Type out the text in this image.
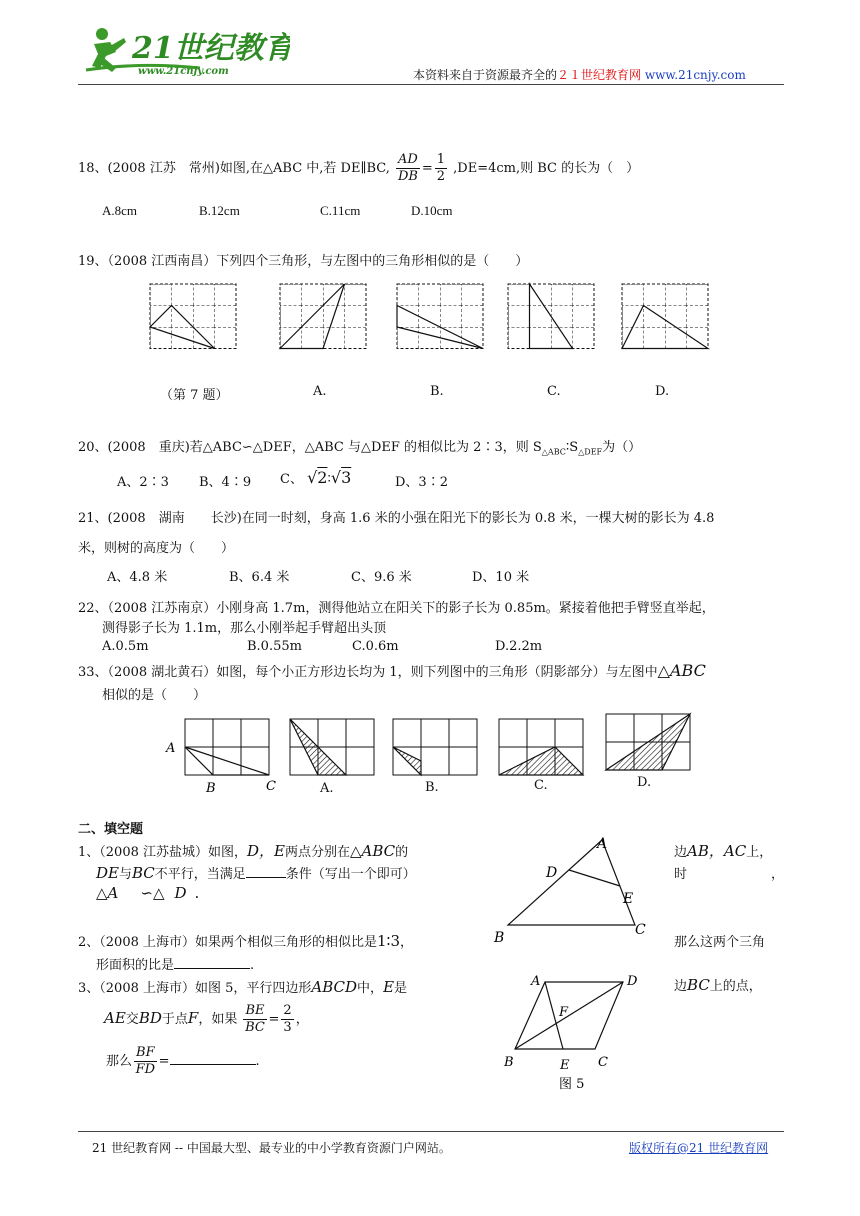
21世纪教育
www.21cnjy.com	本资料来自于资源最齐全的２１世纪教育网 www.21cnjy.com
18、(2008 江苏　常州)如图,在△ABC 中,若 DE∥BC, $\frac{AD}{DB} = \frac{1}{2} ,DE=4cm$,则 BC 的长为（　）
A.8cm	B.12cm	C.11cm	D.10cm
19、（2008 江西南昌）下列四个三角形，与左图中的三角形相似的是（　　）
（第 7 题）	A.	B.	C.	D.
20、(2008　重庆)若△ABC∽△DEF，△ABC 与△DEF 的相似比为 2∶3，则 $S_{\triangle ABC}∶S_{\triangle DEF}$为（）
A、2∶3 B、4∶9 C、 √2∶√3	D、3∶2
21、(2008　湖南　　长沙)在同一时刻，身高 1.6 米的小强在阳光下的影长为 0.8 米，一棵大树的影长为 4.8
米，则树的高度为（　　）
A、4.8 米	B、6.4 米	C、9.6 米	D、10 米
22、（2008 江苏南京）小刚身高 1.7m，测得他站立在阳关下的影子长为 0.85m。紧接着他把手臂竖直举起，
测得影子长为 1.1m，那么小刚举起手臂超出头顶
A.0.5m	B.0.55m	C.0.6m	D.2.2m
33、（2008 湖北黄石）如图，每个小正方形边长均为 1，则下列图中的三角形（阴影部分）与左图中△ABC
相似的是（　　）
A
B	C	A.	B.	C.	D.
二、填空题
1、（2008 江苏盐城）如图，D，E两点分别在△ABC的	边AB，AC上，
DE与BC不平行，当满足	条件（写出一个即可）	时	，
△A ∽△ D .
A
D
E
B	C
2、（2008 上海市）如果两个相似三角形的相似比是1∶3，	那么这两个三角
形面积的比是	.
3、（2008 上海市）如图 5，平行四边形ABCD中，E是	边BC上的点，
AE交BD于点F，如果 $\frac{BE}{BC} = \frac{2}{3}$ ，
那么 $\frac{BF}{FD}$ =	.
A	D
F
B	E C
图 5
21 世纪教育网 -- 中国最大型、最专业的中小学教育资源门户网站。	版权所有@21 世纪教育网
